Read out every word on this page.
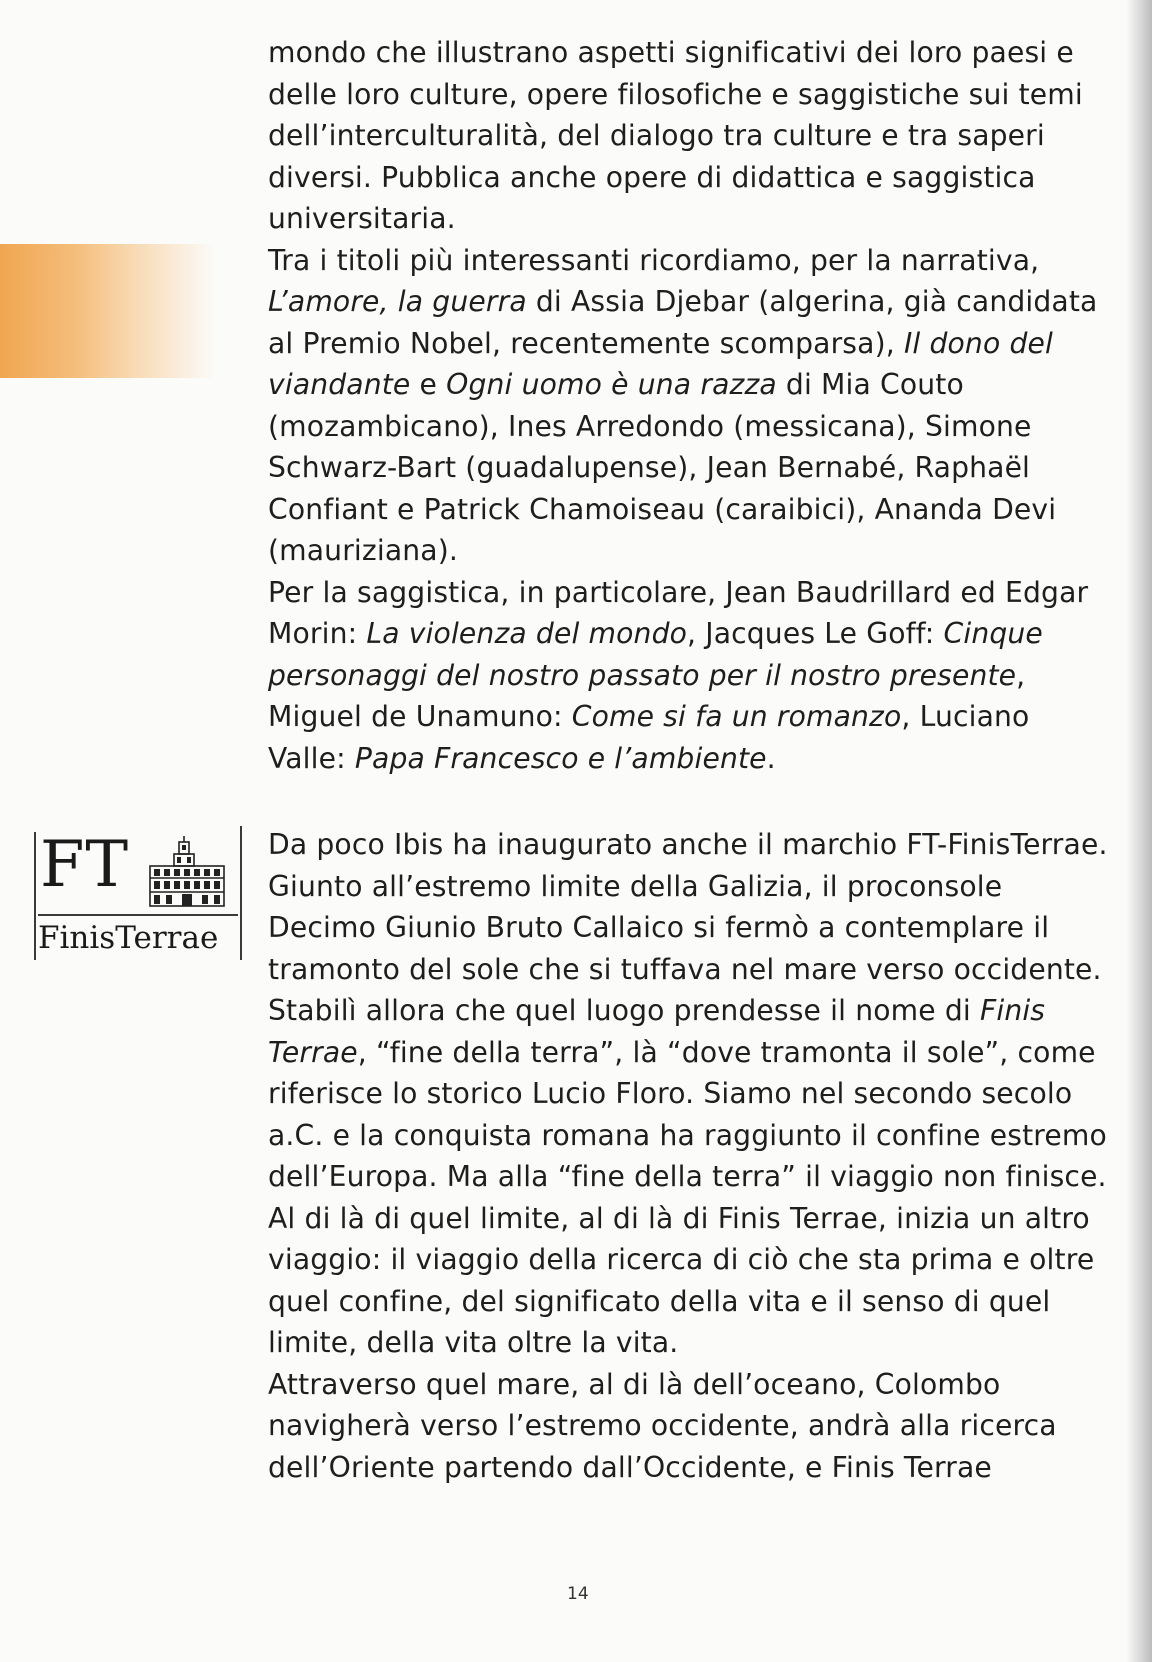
mondo che illustrano aspetti significativi dei loro paesi e delle loro culture, opere filosofiche e saggistiche sui temi dell’interculturalità, del dialogo tra culture e tra saperi diversi. Pubblica anche opere di didattica e saggistica universitaria.

Tra i titoli più interessanti ricordiamo, per la narrativa, L’amore, la guerra di Assia Djebar (algerina, già candidata al Premio Nobel, recentemente scomparsa), Il dono del viandante e Ogni uomo è una razza di Mia Couto (mozambicano), Ines Arredondo (messicana), Simone Schwarz-Bart (guadalupense), Jean Bernabé, Raphaël Confiant e Patrick Chamoiseau (caraibici), Ananda Devi (mauriziana).

Per la saggistica, in particolare, Jean Baudrillard ed Edgar Morin: La violenza del mondo, Jacques Le Goff: Cinque personaggi del nostro passato per il nostro presente, Miguel de Unamuno: Come si fa un romanzo, Luciano Valle: Papa Francesco e l’ambiente.

FT
FinisTerrae

Da poco Ibis ha inaugurato anche il marchio FT-FinisTerrae.

Giunto all’estremo limite della Galizia, il proconsole Decimo Giunio Bruto Callaico si fermò a contemplare il tramonto del sole che si tuffava nel mare verso occidente. Stabilì allora che quel luogo prendesse il nome di Finis Terrae, “fine della terra”, là “dove tramonta il sole”, come riferisce lo storico Lucio Floro. Siamo nel secondo secolo a.C. e la conquista romana ha raggiunto il confine estremo dell’Europa. Ma alla “fine della terra” il viaggio non finisce. Al di là di quel limite, al di là di Finis Terrae, inizia un altro viaggio: il viaggio della ricerca di ciò che sta prima e oltre quel confine, del significato della vita e il senso di quel limite, della vita oltre la vita.

Attraverso quel mare, al di là dell’oceano, Colombo navigherà verso l’estremo occidente, andrà alla ricerca dell’Oriente partendo dall’Occidente, e Finis Terrae

14
